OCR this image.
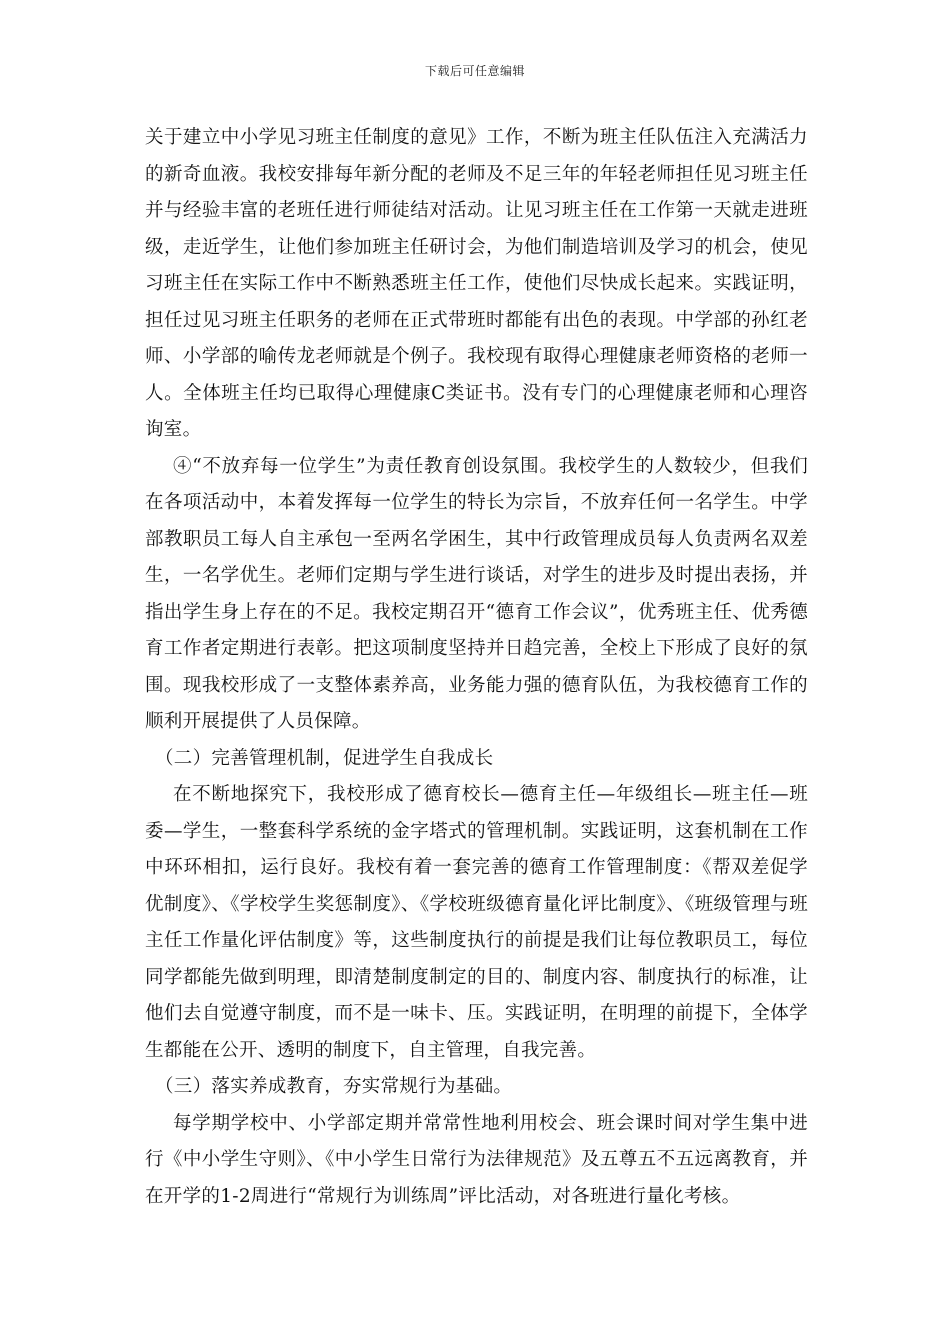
下载后可任意编辑

关于建立中小学见习班主任制度的意见》工作，不断为班主任队伍注入充满活力的新奇血液。我校安排每年新分配的老师及不足三年的年轻老师担任见习班主任并与经验丰富的老班任进行师徒结对活动。让见习班主任在工作第一天就走进班级，走近学生，让他们参加班主任研讨会，为他们制造培训及学习的机会，使见习班主任在实际工作中不断熟悉班主任工作，使他们尽快成长起来。实践证明，担任过见习班主任职务的老师在正式带班时都能有出色的表现。中学部的孙红老师、小学部的喻传龙老师就是个例子。我校现有取得心理健康老师资格的老师一人。全体班主任均已取得心理健康C类证书。没有专门的心理健康老师和心理咨询室。

④“不放弃每一位学生”为责任教育创设氛围。我校学生的人数较少，但我们在各项活动中，本着发挥每一位学生的特长为宗旨，不放弃任何一名学生。中学部教职员工每人自主承包一至两名学困生，其中行政管理成员每人负责两名双差生，一名学优生。老师们定期与学生进行谈话，对学生的进步及时提出表扬，并指出学生身上存在的不足。我校定期召开“德育工作会议”，优秀班主任、优秀德育工作者定期进行表彰。把这项制度坚持并日趋完善，全校上下形成了良好的氛围。现我校形成了一支整体素养高，业务能力强的德育队伍，为我校德育工作的顺利开展提供了人员保障。

（二）完善管理机制，促进学生自我成长

在不断地探究下，我校形成了德育校长—德育主任—年级组长—班主任—班委—学生，一整套科学系统的金字塔式的管理机制。实践证明，这套机制在工作中环环相扣，运行良好。我校有着一套完善的德育工作管理制度：《帮双差促学优制度》、《学校学生奖惩制度》、《学校班级德育量化评比制度》、《班级管理与班主任工作量化评估制度》等，这些制度执行的前提是我们让每位教职员工，每位同学都能先做到明理，即清楚制度制定的目的、制度内容、制度执行的标准，让他们去自觉遵守制度，而不是一味卡、压。实践证明，在明理的前提下，全体学生都能在公开、透明的制度下，自主管理，自我完善。

（三）落实养成教育，夯实常规行为基础。

每学期学校中、小学部定期并常常性地利用校会、班会课时间对学生集中进行《中小学生守则》、《中小学生日常行为法律规范》及五尊五不五远离教育，并在开学的1-2周进行“常规行为训练周”评比活动，对各班进行量化考核。
